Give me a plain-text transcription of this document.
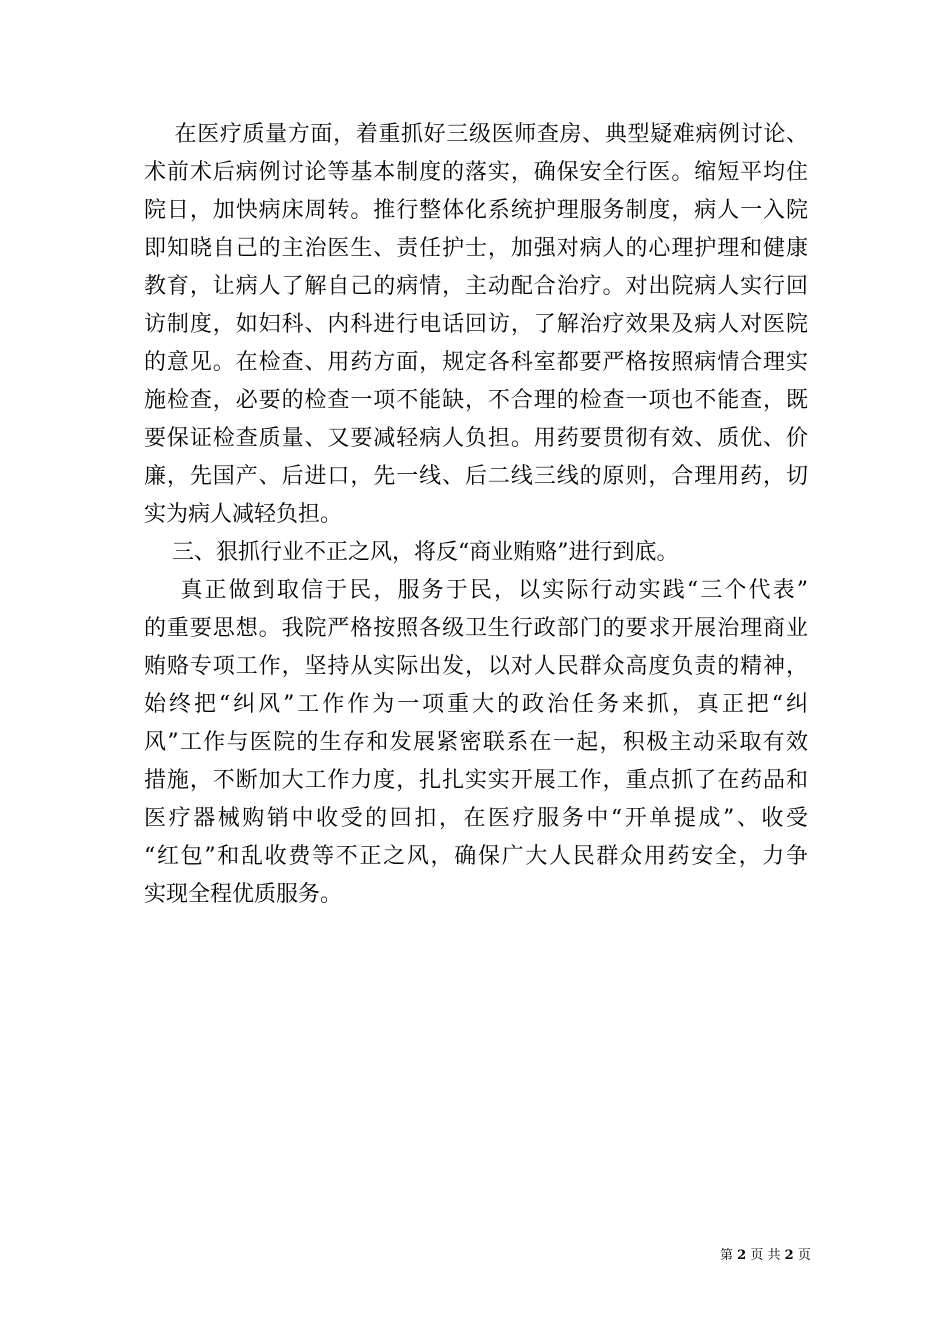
在医疗质量方面，着重抓好三级医师查房、典型疑难病例讨论、
术前术后病例讨论等基本制度的落实，确保安全行医。缩短平均住
院日，加快病床周转。推行整体化系统护理服务制度，病人一入院
即知晓自己的主治医生、责任护士，加强对病人的心理护理和健康
教育，让病人了解自己的病情，主动配合治疗。对出院病人实行回
访制度，如妇科、内科进行电话回访，了解治疗效果及病人对医院
的意见。在检查、用药方面，规定各科室都要严格按照病情合理实
施检查，必要的检查一项不能缺，不合理的检查一项也不能查，既
要保证检查质量、又要减轻病人负担。用药要贯彻有效、质优、价
廉，先国产、后进口，先一线、后二线三线的原则，合理用药，切
实为病人减轻负担。
三、狠抓行业不正之风，将反“商业贿赂”进行到底。
真正做到取信于民，服务于民，以实际行动实践“三个代表”
的重要思想。我院严格按照各级卫生行政部门的要求开展治理商业
贿赂专项工作，坚持从实际出发，以对人民群众高度负责的精神，
始终把“纠风”工作作为一项重大的政治任务来抓，真正把“纠
风”工作与医院的生存和发展紧密联系在一起，积极主动采取有效
措施，不断加大工作力度，扎扎实实开展工作，重点抓了在药品和
医疗器械购销中收受的回扣，在医疗服务中“开单提成”、收受
“红包”和乱收费等不正之风，确保广大人民群众用药安全，力争
实现全程优质服务。
第 2 页 共 2 页
